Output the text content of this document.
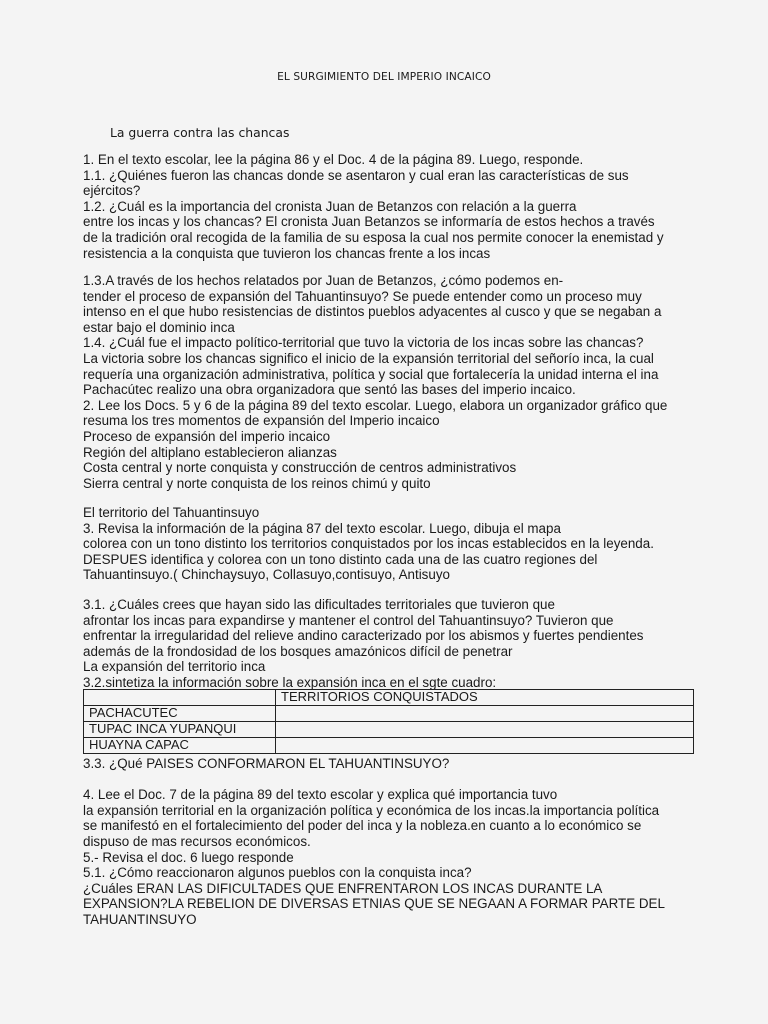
EL SURGIMIENTO DEL IMPERIO INCAICO
La guerra contra las chancas

1. En el texto escolar, lee la página 86 y el Doc. 4 de la página 89. Luego, responde.

1.1. ¿Quiénes fueron las chancas donde se asentaron y cual eran las características de sus

ejércitos?

1.2. ¿Cuál es la importancia del cronista Juan de Betanzos con relación a la guerra

entre los incas y los chancas? El cronista Juan Betanzos se informaría de estos hechos a través

de la tradición oral recogida de la familia de su esposa la cual nos permite conocer la enemistad y

resistencia a la conquista que tuvieron los chancas frente a los incas

1.3.A través de los hechos relatados por Juan de Betanzos, ¿cómo podemos en-

tender el proceso de expansión del Tahuantinsuyo? Se puede entender como un proceso muy

intenso en el que hubo resistencias de distintos pueblos adyacentes al cusco y que se negaban a

estar bajo el dominio inca

1.4. ¿Cuál fue el impacto político-territorial que tuvo la victoria de los incas sobre las chancas?

La victoria sobre los chancas significo el inicio de la expansión territorial del señorío inca, la cual

requería una organización administrativa, política y social que fortalecería la unidad interna el ina

Pachacútec realizo una obra organizadora que sentó las bases del imperio incaico.

2. Lee los Docs. 5 y 6 de la página 89 del texto escolar. Luego, elabora un organizador gráfico que

resuma los tres momentos de expansión del Imperio incaico

Proceso de expansión del imperio incaico

Región del altiplano establecieron alianzas

Costa central y norte conquista y construcción de centros administrativos

Sierra central y norte conquista de los reinos chimú y quito

El territorio del Tahuantinsuyo

3. Revisa la información de la página 87 del texto escolar. Luego, dibuja el mapa

colorea con un tono distinto los territorios conquistados por los incas establecidos en la leyenda.

DESPUES identifica y colorea con un tono distinto cada una de las cuatro regiones del

Tahuantinsuyo.( Chinchaysuyo, Collasuyo,contisuyo, Antisuyo

3.1. ¿Cuáles crees que hayan sido las dificultades territoriales que tuvieron que

afrontar los incas para expandirse y mantener el control del Tahuantinsuyo? Tuvieron que

enfrentar la irregularidad del relieve andino caracterizado por los abismos y fuertes pendientes

además de la frondosidad de los bosques amazónicos difícil de penetrar

La expansión del territorio inca

3.2.sintetiza la información sobre la expansión inca en el sgte cuadro:

	TERRITORIOS CONQUISTADOS
PACHACUTEC	
TUPAC INCA YUPANQUI	
HUAYNA CAPAC	

3.3. ¿Qué PAISES CONFORMARON EL TAHUANTINSUYO?

4. Lee el Doc. 7 de la página 89 del texto escolar y explica qué importancia tuvo

la expansión territorial en la organización política y económica de los incas.la importancia política

se manifestó en el fortalecimiento del poder del inca y la nobleza.en cuanto a lo económico se

dispuso de mas recursos económicos.

5.- Revisa el doc. 6 luego responde

5.1. ¿Cómo reaccionaron algunos pueblos con la conquista inca?

¿Cuáles ERAN LAS DIFICULTADES QUE ENFRENTARON LOS INCAS DURANTE LA

EXPANSION?LA REBELION DE DIVERSAS ETNIAS QUE SE NEGAAN A FORMAR PARTE DEL

TAHUANTINSUYO
